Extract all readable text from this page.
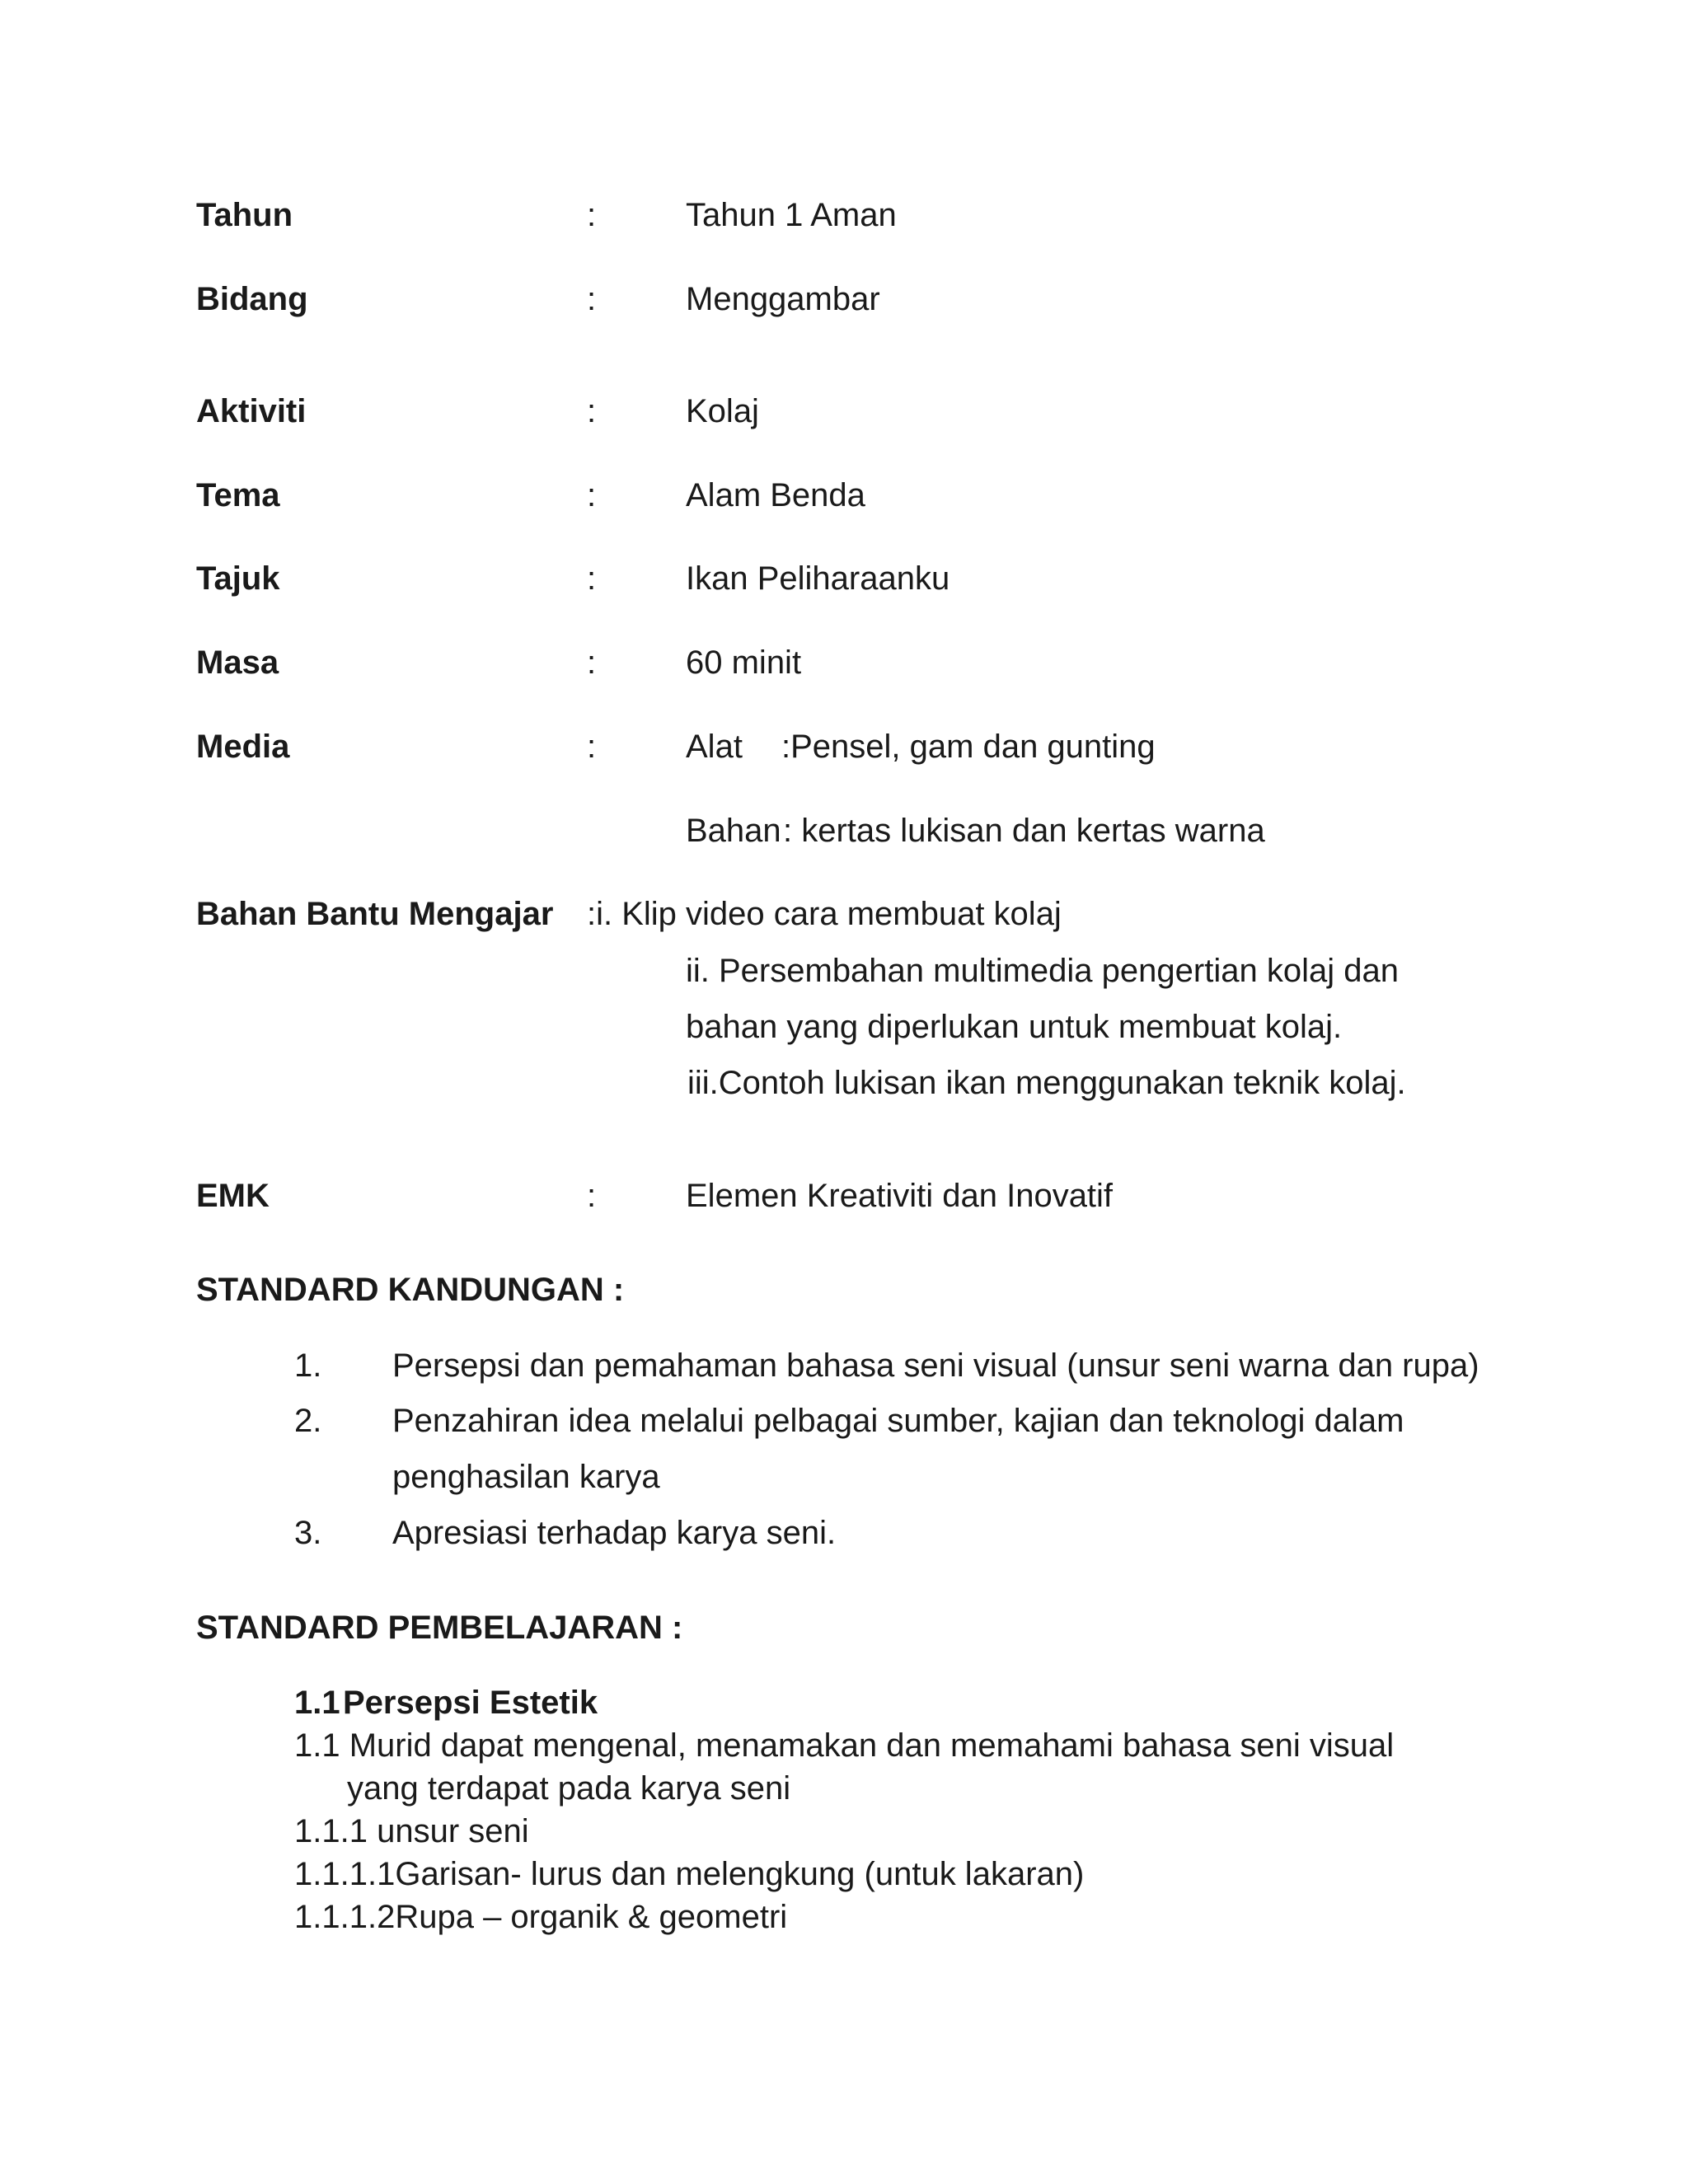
Tahun	:	Tahun 1 Aman
Bidang	:	Menggambar
Aktiviti	:	Kolaj
Tema	:	Alam Benda
Tajuk	:	Ikan Peliharaanku
Masa	:	60 minit
Media	:	Alat :Pensel, gam dan gunting
Bahan : kertas lukisan dan kertas warna
Bahan Bantu Mengajar :i. Klip video cara membuat kolaj
ii. Persembahan multimedia pengertian kolaj dan
bahan yang diperlukan untuk membuat kolaj.
iii.Contoh lukisan ikan menggunakan teknik kolaj.
EMK	:	Elemen Kreativiti dan Inovatif
STANDARD KANDUNGAN :
1. Persepsi dan pemahaman bahasa seni visual (unsur seni warna dan rupa)
2. Penzahiran idea melalui pelbagai sumber, kajian dan teknologi dalam
penghasilan karya
3. Apresiasi terhadap karya seni.
STANDARD PEMBELAJARAN :
1.1 Persepsi Estetik
1.1 Murid dapat mengenal, menamakan dan memahami bahasa seni visual
yang terdapat pada karya seni
1.1.1 unsur seni
1.1.1.1Garisan- lurus dan melengkung (untuk lakaran)
1.1.1.2Rupa – organik & geometri
